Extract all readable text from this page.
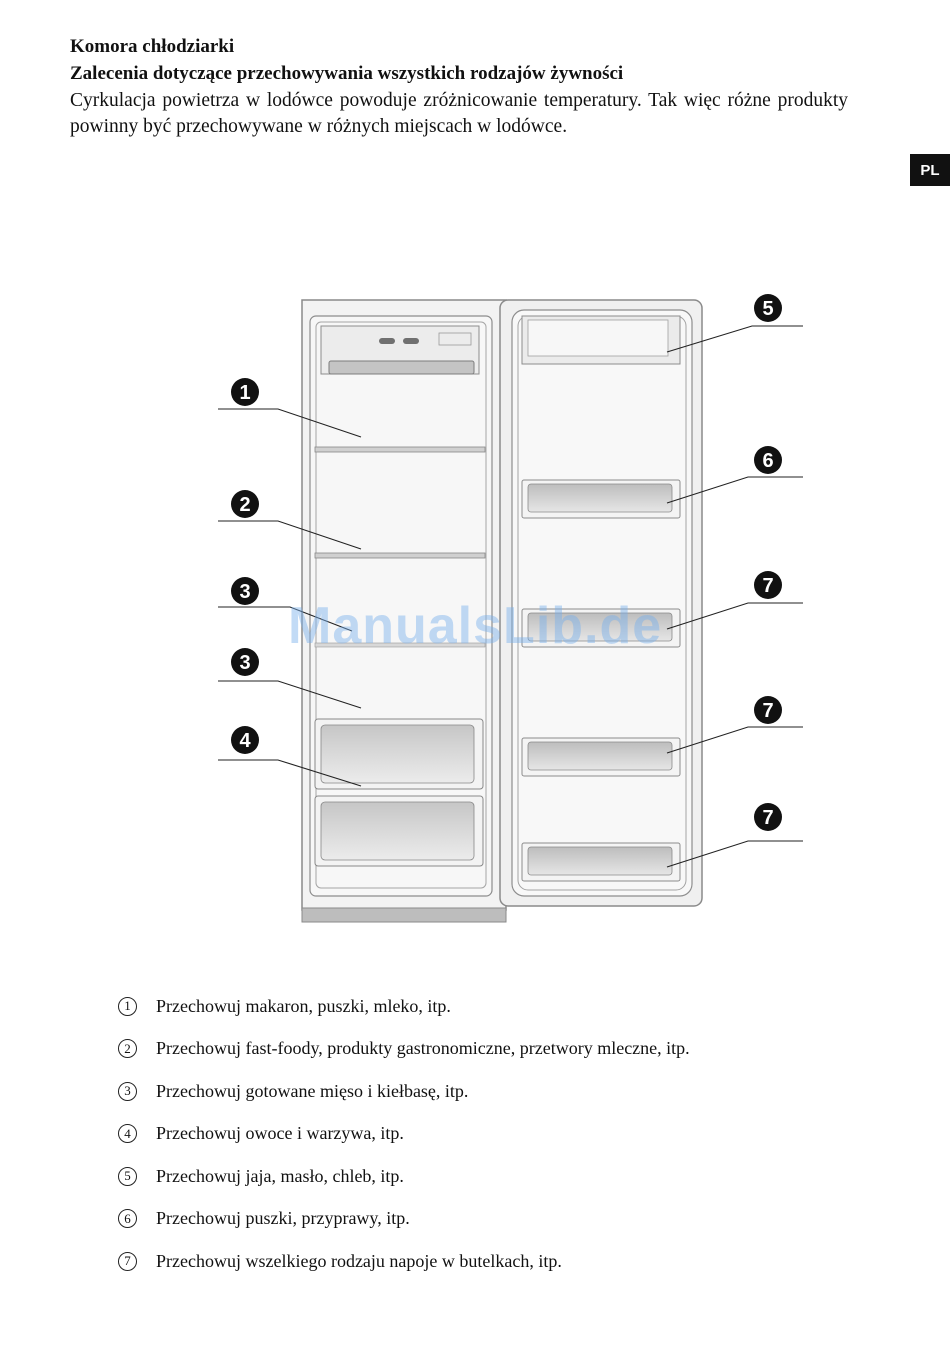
Komora chłodziarki
Zalecenia dotyczące przechowywania wszystkich rodzajów żywności
Cyrkulacja powietrza w lodówce powoduje zróżnicowanie temperatury. Tak więc różne produkty powinny być przechowywane w różnych miejscach w lodówce.
PL
1
2
3
3
4
5
6
7
7
7
ManualsLib.de
1	Przechowuj makaron, puszki, mleko, itp.
2	Przechowuj fast-foody, produkty gastronomiczne, przetwory mleczne, itp.
3	Przechowuj gotowane mięso i kiełbasę, itp.
4	Przechowuj owoce i warzywa, itp.
5	Przechowuj jaja, masło, chleb, itp.
6	Przechowuj puszki, przyprawy, itp.
7	Przechowuj wszelkiego rodzaju napoje w butelkach, itp.
